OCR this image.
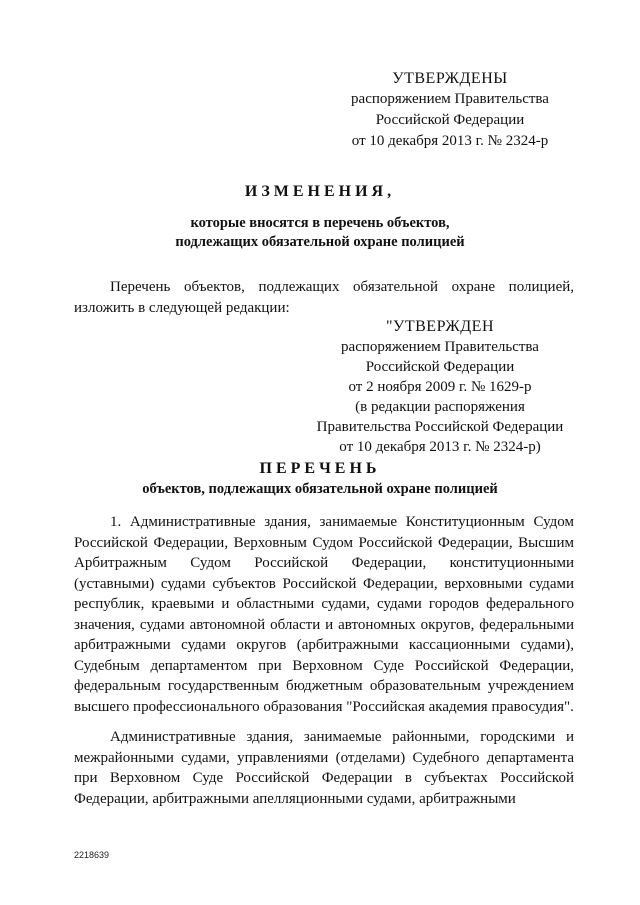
УТВЕРЖДЕНЫ
распоряжением Правительства
Российской Федерации
от 10 декабря 2013 г. № 2324-р
ИЗМЕНЕНИЯ,
которые вносятся в перечень объектов,
подлежащих обязательной охране полицией
Перечень объектов, подлежащих обязательной охране полицией, изложить в следующей редакции:
"УТВЕРЖДЕН
распоряжением Правительства
Российской Федерации
от 2 ноября 2009 г. № 1629-р
(в редакции распоряжения
Правительства Российской Федерации
от 10 декабря 2013 г. № 2324-р)
ПЕРЕЧЕНЬ
объектов, подлежащих обязательной охране полицией

1. Административные здания, занимаемые Конституционным Судом Российской Федерации, Верховным Судом Российской Федерации, Высшим Арбитражным Судом Российской Федерации, конституционными (уставными) судами субъектов Российской Федерации, верховными судами республик, краевыми и областными судами, судами городов федерального значения, судами автономной области и автономных округов, федеральными арбитражными судами округов (арбитражными кассационными судами), Судебным департаментом при Верховном Суде Российской Федерации, федеральным государственным бюджетным образовательным учреждением высшего профессионального образования "Российская академия правосудия".

Административные здания, занимаемые районными, городскими и межрайонными судами, управлениями (отделами) Судебного департамента при Верховном Суде Российской Федерации в субъектах Российской Федерации, арбитражными апелляционными судами, арбитражными

2218639
